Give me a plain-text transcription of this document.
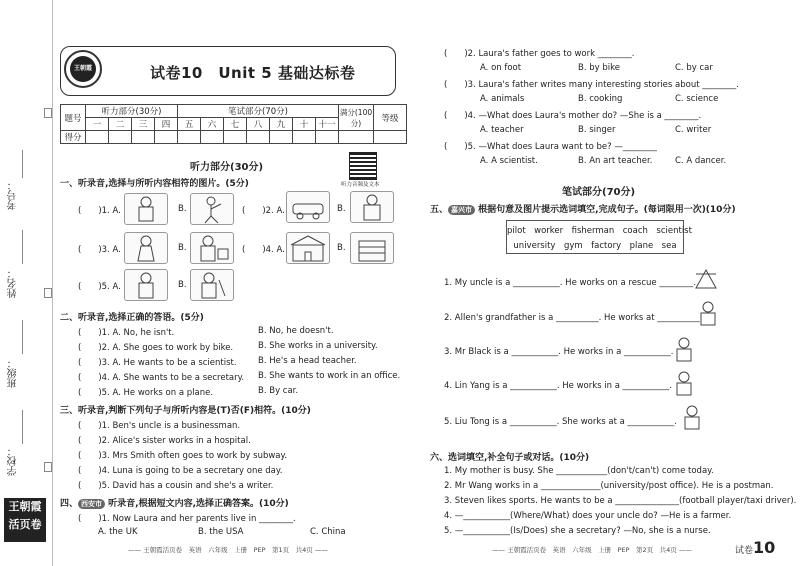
考号：
姓名：
班级：
学校：
王朝霞
活页卷
王朝霞	试卷10　Unit 5 基础达标卷
题号	听力部分(30分)				笔试部分(70分)							满分(100分)	等级
	一	二	三	四	五	六	七	八	九	十	十一		
得分													
听力部分(30分)
听力音频及文本
一、听录音,选择与所听内容相符的图片。(5分)
(　　)1. A.	B.	(　　)2. A.	B.
(　　)3. A.	B.	(　　)4. A.	B.
(　　)5. A.	B.
二、听录音,选择正确的答语。(5分)
(　　)1. A. No, he isn't.	B. No, he doesn't.
(　　)2. A. She goes to work by bike.	B. She works in a university.
(　　)3. A. He wants to be a scientist.	B. He's a head teacher.
(　　)4. A. She wants to be a secretary. B. She wants to work in an office.
(　　)5. A. He works on a plane.	B. By car.
三、听录音,判断下列句子与所听内容是(T)否(F)相符。(10分)
(　　)1. Ben's uncle is a businessman.
(　　)2. Alice's sister works in a hospital.
(　　)3. Mrs Smith often goes to work by subway.
(　　)4. Luna is going to be a secretary one day.
(　　)5. David has a cousin and she's a writer.
四、 西安市 听录音,根据短文内容,选择正确答案。(10分)
(　　)1. Now Laura and her parents live in ________.
A. the UK	B. the USA	C. China
—— 王朝霞活页卷　英语　六年级　上册　PEP　第1页　共4页 ——
(　　)2. Laura's father goes to work ________.
A. on foot	B. by bike	C. by car
(　　)3. Laura's father writes many interesting stories about ________.
A. animals	B. cooking	C. science
(　　)4. —What does Laura's mother do? —She is a ________.
A. teacher	B. singer	C. writer
(　　)5. —What does Laura want to be? —________
A. A scientist.	B. An art teacher.	C. A dancer.
笔试部分(70分)
五、 嘉兴市 根据句意及图片提示选词填空,完成句子。(每词限用一次)(10分)
pilot　worker　fisherman　coach　scientist
university　gym　factory　plane　sea
1. My uncle is a ___________. He works on a rescue ________.
2. Allen's grandfather is a __________. He works at __________.
3. Mr Black is a ___________. He works in a ___________.
4. Lin Yang is a ___________. He works in a ___________.
5. Liu Tong is a ___________. She works at a ___________.
六、选词填空,补全句子或对话。(10分)
1. My mother is busy. She ____________(don't/can't) come today.
2. Mr Wang works in a ______________(university/post office). He is a postman.
3. Steven likes sports. He wants to be a _______________(football player/taxi driver).
4. —___________(Where/What) does your uncle do? —He is a farmer.
5. —___________(Is/Does) she a secretary? —No, she is a nurse.
—— 王朝霞活页卷　英语　六年级　上册　PEP　第2页　共4页 ——	试卷10
